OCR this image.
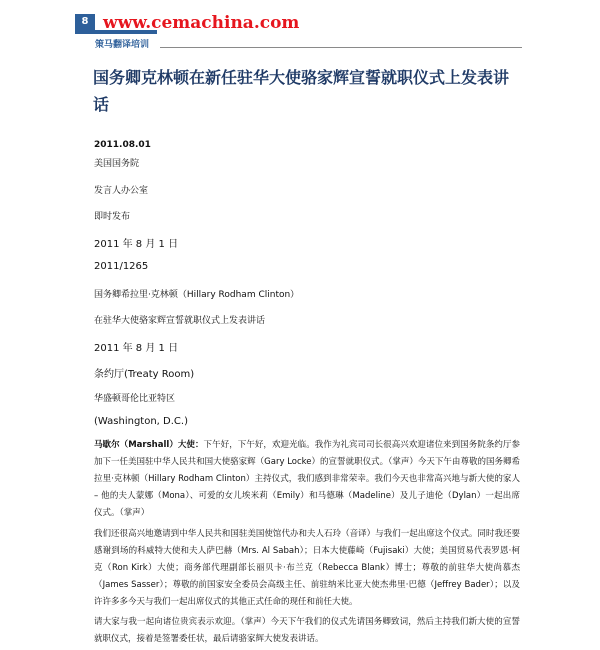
8 www.cemachina.com
策马翻译培训
国务卿克林顿在新任驻华大使骆家辉宣誓就职仪式上发表讲话
2011.08.01
美国国务院
发言人办公室
即时发布
2011 年 8 月 1 日
2011/1265
国务卿希拉里·克林顿（Hillary Rodham Clinton）
在驻华大使骆家辉宣誓就职仪式上发表讲话
2011 年 8 月 1 日
条约厅(Treaty Room)
华盛顿哥伦比亚特区
(Washington, D.C.)

马歇尔（Marshall）大使：下午好，下午好，欢迎光临。我作为礼宾司司长很高兴欢迎诸位来到国务院条约厅参加下一任美国驻中华人民共和国大使骆家辉（Gary Locke）的宣誓就职仪式。（掌声）今天下午由尊敬的国务卿希拉里·克林顿（Hillary Rodham Clinton）主持仪式，我们感到非常荣幸。我们今天也非常高兴地与新大使的家人 – 他的夫人蒙娜（Mona）、可爱的女儿埃米莉（Emily）和马德琳（Madeline）及儿子迪伦（Dylan）一起出席仪式。（掌声）

我们还很高兴地邀请到中华人民共和国驻美国使馆代办和夫人石玲（音译）与我们一起出席这个仪式。同时我还要感谢到场的科威特大使和夫人萨巴赫（Mrs. Al Sabah）；日本大使藤崎（Fujisaki）大使；美国贸易代表罗恩·柯克（Ron Kirk）大使；商务部代理副部长丽贝卡·布兰克（Rebecca Blank）博士；尊敬的前驻华大使尚慕杰（James Sasser）；尊敬的前国家安全委员会高级主任、前驻纳米比亚大使杰弗里·巴德（Jeffrey Bader）；以及许许多多今天与我们一起出席仪式的其他正式任命的现任和前任大使。

请大家与我一起向诸位贵宾表示欢迎。（掌声）今天下午我们的仪式先请国务卿致词，然后主持我们新大使的宣誓就职仪式，接着是签署委任状，最后请骆家辉大使发表讲话。
